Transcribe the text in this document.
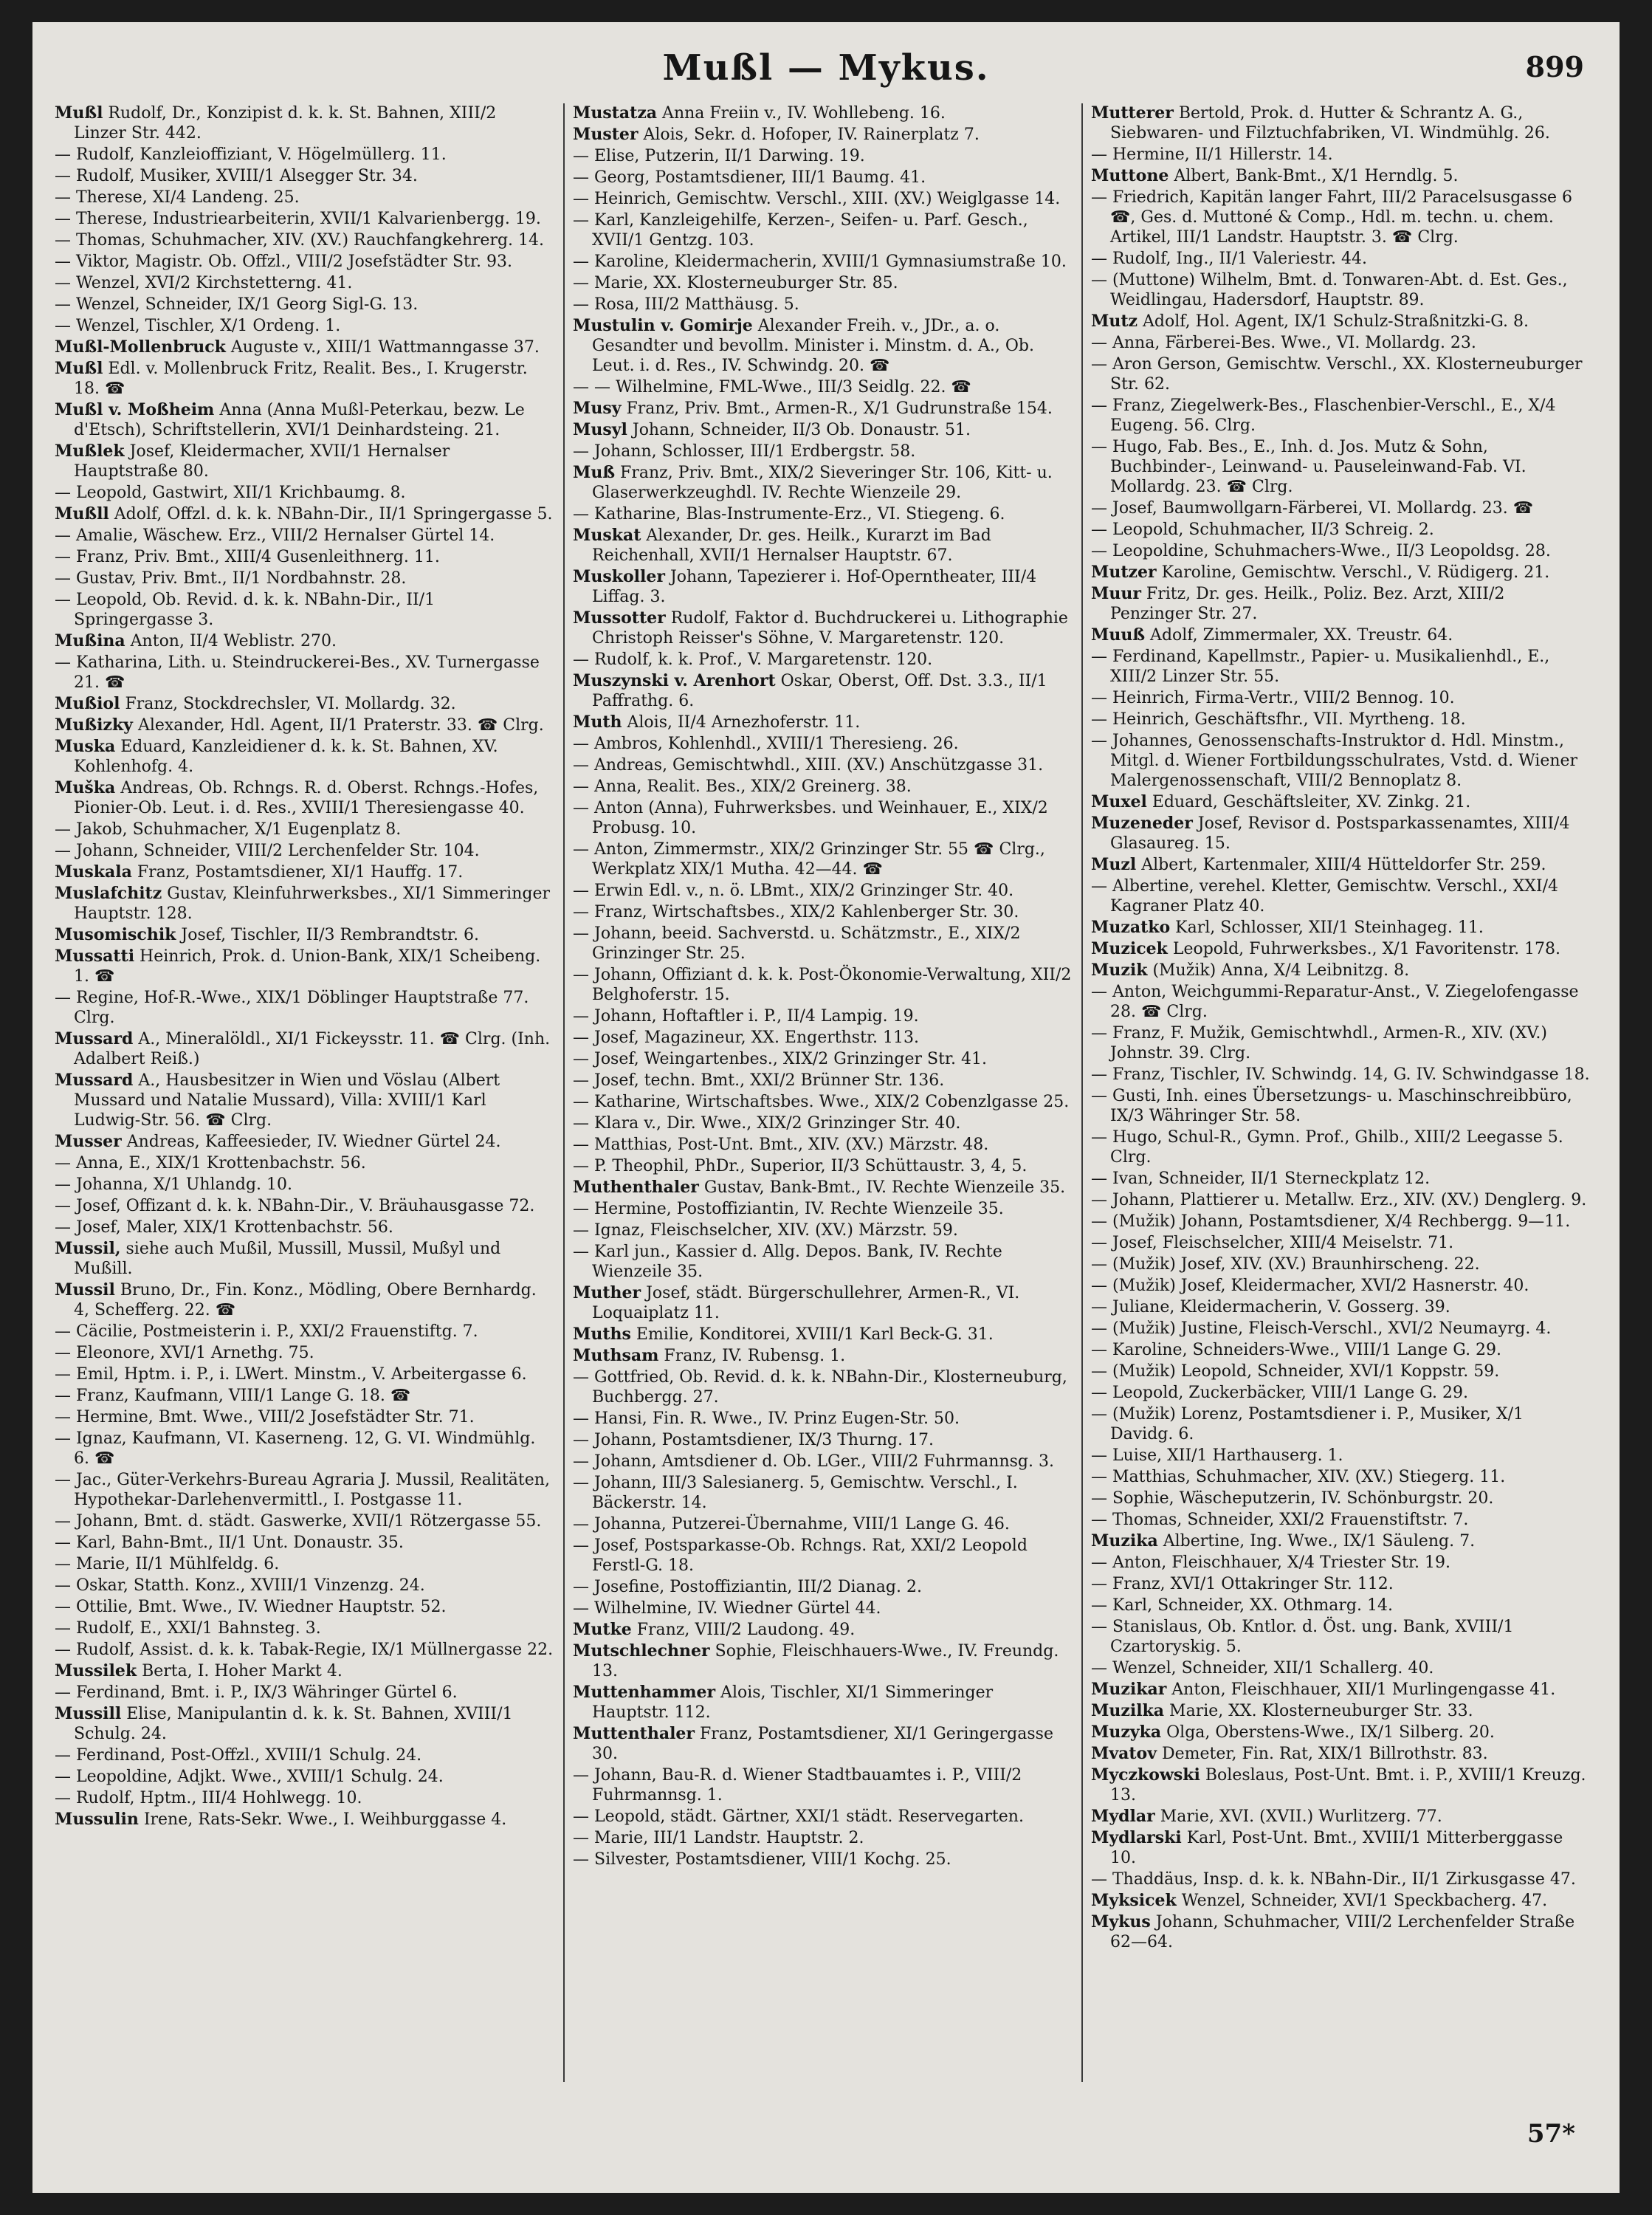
Mußl — Mykus.	899
Mußl Rudolf, Dr., Konzipist d. k. k. St. Bahnen, XIII/2 Linzer Str. 442.
— Rudolf, Kanzleioffiziant, V. Högelmüllerg. 11.
— Rudolf, Musiker, XVIII/1 Alsegger Str. 34.
— Therese, XI/4 Landeng. 25.
— Therese, Industriearbeiterin, XVII/1 Kalvarienbergg. 19.
— Thomas, Schuhmacher, XIV. (XV.) Rauchfangkehrerg. 14.
— Viktor, Magistr. Ob. Offzl., VIII/2 Josefstädter Str. 93.
— Wenzel, XVI/2 Kirchstetterng. 41.
— Wenzel, Schneider, IX/1 Georg Sigl-G. 13.
— Wenzel, Tischler, X/1 Ordeng. 1.
Mußl-Mollenbruck Auguste v., XIII/1 Wattmanngasse 37.
Mußl Edl. v. Mollenbruck Fritz, Realit. Bes., I. Krugerstr. 18. ☎
Mußl v. Moßheim Anna (Anna Mußl-Peterkau, bezw. Le d'Etsch), Schriftstellerin, XVI/1 Deinhardsteing. 21.
Mußlek Josef, Kleidermacher, XVII/1 Hernalser Hauptstraße 80.
— Leopold, Gastwirt, XII/1 Krichbaumg. 8.
Mußll Adolf, Offzl. d. k. k. NBahn-Dir., II/1 Springergasse 5.
— Amalie, Wäschew. Erz., VIII/2 Hernalser Gürtel 14.
— Franz, Priv. Bmt., XIII/4 Gusenleithnerg. 11.
— Gustav, Priv. Bmt., II/1 Nordbahnstr. 28.
— Leopold, Ob. Revid. d. k. k. NBahn-Dir., II/1 Springergasse 3.
Mußina Anton, II/4 Weblistr. 270.
— Katharina, Lith. u. Steindruckerei-Bes., XV. Turnergasse 21. ☎
Mußiol Franz, Stockdrechsler, VI. Mollardg. 32.
Mußizky Alexander, Hdl. Agent, II/1 Praterstr. 33. ☎ Clrg.
Muska Eduard, Kanzleidiener d. k. k. St. Bahnen, XV. Kohlenhofg. 4.
Muška Andreas, Ob. Rchngs. R. d. Oberst. Rchngs.-Hofes, Pionier-Ob. Leut. i. d. Res., XVIII/1 Theresiengasse 40.
— Jakob, Schuhmacher, X/1 Eugenplatz 8.
— Johann, Schneider, VIII/2 Lerchenfelder Str. 104.
Muskala Franz, Postamtsdiener, XI/1 Hauffg. 17.
Muslafchitz Gustav, Kleinfuhrwerksbes., XI/1 Simmeringer Hauptstr. 128.
Musomischik Josef, Tischler, II/3 Rembrandtstr. 6.
Mussatti Heinrich, Prok. d. Union-Bank, XIX/1 Scheibeng. 1. ☎
— Regine, Hof-R.-Wwe., XIX/1 Döblinger Hauptstraße 77. Clrg.
Mussard A., Mineralöldl., XI/1 Fickeysstr. 11. ☎ Clrg. (Inh. Adalbert Reiß.)
Mussard A., Hausbesitzer in Wien und Vöslau (Albert Mussard und Natalie Mussard), Villa: XVIII/1 Karl Ludwig-Str. 56. ☎ Clrg.
Musser Andreas, Kaffeesieder, IV. Wiedner Gürtel 24.
— Anna, E., XIX/1 Krottenbachstr. 56.
— Johanna, X/1 Uhlandg. 10.
— Josef, Offizant d. k. k. NBahn-Dir., V. Bräuhausgasse 72.
— Josef, Maler, XIX/1 Krottenbachstr. 56.
Mussil, siehe auch Mußil, Mussill, Mussil, Mußyl und Mußill.
Mussil Bruno, Dr., Fin. Konz., Mödling, Obere Bernhardg. 4, Schefferg. 22. ☎
— Cäcilie, Postmeisterin i. P., XXI/2 Frauenstiftg. 7.
— Eleonore, XVI/1 Arnethg. 75.
— Emil, Hptm. i. P., i. LWert. Minstm., V. Arbeitergasse 6.
— Franz, Kaufmann, VIII/1 Lange G. 18. ☎
— Hermine, Bmt. Wwe., VIII/2 Josefstädter Str. 71.
— Ignaz, Kaufmann, VI. Kaserneng. 12, G. VI. Windmühlg. 6. ☎
— Jac., Güter-Verkehrs-Bureau Agraria J. Mussil, Realitäten, Hypothekar-Darlehenvermittl., I. Postgasse 11.
— Johann, Bmt. d. städt. Gaswerke, XVII/1 Rötzergasse 55.
— Karl, Bahn-Bmt., II/1 Unt. Donaustr. 35.
— Marie, II/1 Mühlfeldg. 6.
— Oskar, Statth. Konz., XVIII/1 Vinzenzg. 24.
— Ottilie, Bmt. Wwe., IV. Wiedner Hauptstr. 52.
— Rudolf, E., XXI/1 Bahnsteg. 3.
— Rudolf, Assist. d. k. k. Tabak-Regie, IX/1 Müllnergasse 22.
Mussilek Berta, I. Hoher Markt 4.
— Ferdinand, Bmt. i. P., IX/3 Währinger Gürtel 6.
Mussill Elise, Manipulantin d. k. k. St. Bahnen, XVIII/1 Schulg. 24.
— Ferdinand, Post-Offzl., XVIII/1 Schulg. 24.
— Leopoldine, Adjkt. Wwe., XVIII/1 Schulg. 24.
— Rudolf, Hptm., III/4 Hohlwegg. 10.
Mussulin Irene, Rats-Sekr. Wwe., I. Weihburggasse 4.
Mustatza Anna Freiin v., IV. Wohllebeng. 16.
Muster Alois, Sekr. d. Hofoper, IV. Rainerplatz 7.
— Elise, Putzerin, II/1 Darwing. 19.
— Georg, Postamtsdiener, III/1 Baumg. 41.
— Heinrich, Gemischtw. Verschl., XIII. (XV.) Weiglgasse 14.
— Karl, Kanzleigehilfe, Kerzen-, Seifen- u. Parf. Gesch., XVII/1 Gentzg. 103.
— Karoline, Kleidermacherin, XVIII/1 Gymnasiumstraße 10.
— Marie, XX. Klosterneuburger Str. 85.
— Rosa, III/2 Matthäusg. 5.
Mustulin v. Gomirje Alexander Freih. v., JDr., a. o. Gesandter und bevollm. Minister i. Minstm. d. A., Ob. Leut. i. d. Res., IV. Schwindg. 20. ☎
— — Wilhelmine, FML-Wwe., III/3 Seidlg. 22. ☎
Musy Franz, Priv. Bmt., Armen-R., X/1 Gudrunstraße 154.
Musyl Johann, Schneider, II/3 Ob. Donaustr. 51.
— Johann, Schlosser, III/1 Erdbergstr. 58.
Muß Franz, Priv. Bmt., XIX/2 Sieveringer Str. 106, Kitt- u. Glaserwerkzeughdl. IV. Rechte Wienzeile 29.
— Katharine, Blas-Instrumente-Erz., VI. Stiegeng. 6.
Muskat Alexander, Dr. ges. Heilk., Kurarzt im Bad Reichenhall, XVII/1 Hernalser Hauptstr. 67.
Muskoller Johann, Tapezierer i. Hof-Operntheater, III/4 Liffag. 3.
Mussotter Rudolf, Faktor d. Buchdruckerei u. Lithographie Christoph Reisser's Söhne, V. Margaretenstr. 120.
— Rudolf, k. k. Prof., V. Margaretenstr. 120.
Muszynski v. Arenhort Oskar, Oberst, Off. Dst. 3.3., II/1 Paffrathg. 6.
Muth Alois, II/4 Arnezhoferstr. 11.
— Ambros, Kohlenhdl., XVIII/1 Theresieng. 26.
— Andreas, Gemischtwhdl., XIII. (XV.) Anschützgasse 31.
— Anna, Realit. Bes., XIX/2 Greinerg. 38.
— Anton (Anna), Fuhrwerksbes. und Weinhauer, E., XIX/2 Probusg. 10.
— Anton, Zimmermstr., XIX/2 Grinzinger Str. 55 ☎ Clrg., Werkplatz XIX/1 Mutha. 42—44. ☎
— Erwin Edl. v., n. ö. LBmt., XIX/2 Grinzinger Str. 40.
— Franz, Wirtschaftsbes., XIX/2 Kahlenberger Str. 30.
— Johann, beeid. Sachverstd. u. Schätzmstr., E., XIX/2 Grinzinger Str. 25.
— Johann, Offiziant d. k. k. Post-Ökonomie-Verwaltung, XII/2 Belghoferstr. 15.
— Johann, Hoftaftler i. P., II/4 Lampig. 19.
— Josef, Magazineur, XX. Engerthstr. 113.
— Josef, Weingartenbes., XIX/2 Grinzinger Str. 41.
— Josef, techn. Bmt., XXI/2 Brünner Str. 136.
— Katharine, Wirtschaftsbes. Wwe., XIX/2 Cobenzlgasse 25.
— Klara v., Dir. Wwe., XIX/2 Grinzinger Str. 40.
— Matthias, Post-Unt. Bmt., XIV. (XV.) Märzstr. 48.
— P. Theophil, PhDr., Superior, II/3 Schüttaustr. 3, 4, 5.
Muthenthaler Gustav, Bank-Bmt., IV. Rechte Wienzeile 35.
— Hermine, Postoffiziantin, IV. Rechte Wienzeile 35.
— Ignaz, Fleischselcher, XIV. (XV.) Märzstr. 59.
— Karl jun., Kassier d. Allg. Depos. Bank, IV. Rechte Wienzeile 35.
Muther Josef, städt. Bürgerschullehrer, Armen-R., VI. Loquaiplatz 11.
Muths Emilie, Konditorei, XVIII/1 Karl Beck-G. 31.
Muthsam Franz, IV. Rubensg. 1.
— Gottfried, Ob. Revid. d. k. k. NBahn-Dir., Klosterneuburg, Buchbergg. 27.
— Hansi, Fin. R. Wwe., IV. Prinz Eugen-Str. 50.
— Johann, Postamtsdiener, IX/3 Thurng. 17.
— Johann, Amtsdiener d. Ob. LGer., VIII/2 Fuhrmannsg. 3.
— Johann, III/3 Salesianerg. 5, Gemischtw. Verschl., I. Bäckerstr. 14.
— Johanna, Putzerei-Übernahme, VIII/1 Lange G. 46.
— Josef, Postsparkasse-Ob. Rchngs. Rat, XXI/2 Leopold Ferstl-G. 18.
— Josefine, Postoffiziantin, III/2 Dianag. 2.
— Wilhelmine, IV. Wiedner Gürtel 44.
Mutke Franz, VIII/2 Laudong. 49.
Mutschlechner Sophie, Fleischhauers-Wwe., IV. Freundg. 13.
Muttenhammer Alois, Tischler, XI/1 Simmeringer Hauptstr. 112.
Muttenthaler Franz, Postamtsdiener, XI/1 Geringergasse 30.
— Johann, Bau-R. d. Wiener Stadtbauamtes i. P., VIII/2 Fuhrmannsg. 1.
— Leopold, städt. Gärtner, XXI/1 städt. Reservegarten.
— Marie, III/1 Landstr. Hauptstr. 2.
— Silvester, Postamtsdiener, VIII/1 Kochg. 25.
Mutterer Bertold, Prok. d. Hutter & Schrantz A. G., Siebwaren- und Filztuchfabriken, VI. Windmühlg. 26.
— Hermine, II/1 Hillerstr. 14.
Muttone Albert, Bank-Bmt., X/1 Herndlg. 5.
— Friedrich, Kapitän langer Fahrt, III/2 Paracelsusgasse 6 ☎, Ges. d. Muttoné & Comp., Hdl. m. techn. u. chem. Artikel, III/1 Landstr. Hauptstr. 3. ☎ Clrg.
— Rudolf, Ing., II/1 Valeriestr. 44.
— (Muttone) Wilhelm, Bmt. d. Tonwaren-Abt. d. Est. Ges., Weidlingau, Hadersdorf, Hauptstr. 89.
Mutz Adolf, Hol. Agent, IX/1 Schulz-Straßnitzki-G. 8.
— Anna, Färberei-Bes. Wwe., VI. Mollardg. 23.
— Aron Gerson, Gemischtw. Verschl., XX. Klosterneuburger Str. 62.
— Franz, Ziegelwerk-Bes., Flaschenbier-Verschl., E., X/4 Eugeng. 56. Clrg.
— Hugo, Fab. Bes., E., Inh. d. Jos. Mutz & Sohn, Buchbinder-, Leinwand- u. Pauseleinwand-Fab. VI. Mollardg. 23. ☎ Clrg.
— Josef, Baumwollgarn-Färberei, VI. Mollardg. 23. ☎
— Leopold, Schuhmacher, II/3 Schreig. 2.
— Leopoldine, Schuhmachers-Wwe., II/3 Leopoldsg. 28.
Mutzer Karoline, Gemischtw. Verschl., V. Rüdigerg. 21.
Muur Fritz, Dr. ges. Heilk., Poliz. Bez. Arzt, XIII/2 Penzinger Str. 27.
Muuß Adolf, Zimmermaler, XX. Treustr. 64.
— Ferdinand, Kapellmstr., Papier- u. Musikalienhdl., E., XIII/2 Linzer Str. 55.
— Heinrich, Firma-Vertr., VIII/2 Bennog. 10.
— Heinrich, Geschäftsfhr., VII. Myrtheng. 18.
— Johannes, Genossenschafts-Instruktor d. Hdl. Minstm., Mitgl. d. Wiener Fortbildungsschulrates, Vstd. d. Wiener Malergenossenschaft, VIII/2 Bennoplatz 8.
Muxel Eduard, Geschäftsleiter, XV. Zinkg. 21.
Muzeneder Josef, Revisor d. Postsparkassenamtes, XIII/4 Glasaureg. 15.
Muzl Albert, Kartenmaler, XIII/4 Hütteldorfer Str. 259.
— Albertine, verehel. Kletter, Gemischtw. Verschl., XXI/4 Kagraner Platz 40.
Muzatko Karl, Schlosser, XII/1 Steinhageg. 11.
Muzicek Leopold, Fuhrwerksbes., X/1 Favoritenstr. 178.
Muzik (Mužik) Anna, X/4 Leibnitzg. 8.
— Anton, Weichgummi-Reparatur-Anst., V. Ziegelofengasse 28. ☎ Clrg.
— Franz, F. Mužik, Gemischtwhdl., Armen-R., XIV. (XV.) Johnstr. 39. Clrg.
— Franz, Tischler, IV. Schwindg. 14, G. IV. Schwindgasse 18.
— Gusti, Inh. eines Übersetzungs- u. Maschinschreibbüro, IX/3 Währinger Str. 58.
— Hugo, Schul-R., Gymn. Prof., Ghilb., XIII/2 Leegasse 5. Clrg.
— Ivan, Schneider, II/1 Sterneckplatz 12.
— Johann, Plattierer u. Metallw. Erz., XIV. (XV.) Denglerg. 9.
— (Mužik) Johann, Postamtsdiener, X/4 Rechbergg. 9—11.
— Josef, Fleischselcher, XIII/4 Meiselstr. 71.
— (Mužik) Josef, XIV. (XV.) Braunhirscheng. 22.
— (Mužik) Josef, Kleidermacher, XVI/2 Hasnerstr. 40.
— Juliane, Kleidermacherin, V. Gosserg. 39.
— (Mužik) Justine, Fleisch-Verschl., XVI/2 Neumayrg. 4.
— Karoline, Schneiders-Wwe., VIII/1 Lange G. 29.
— (Mužik) Leopold, Schneider, XVI/1 Koppstr. 59.
— Leopold, Zuckerbäcker, VIII/1 Lange G. 29.
— (Mužik) Lorenz, Postamtsdiener i. P., Musiker, X/1 Davidg. 6.
— Luise, XII/1 Harthauserg. 1.
— Matthias, Schuhmacher, XIV. (XV.) Stiegerg. 11.
— Sophie, Wäscheputzerin, IV. Schönburgstr. 20.
— Thomas, Schneider, XXI/2 Frauenstiftstr. 7.
Muzika Albertine, Ing. Wwe., IX/1 Säuleng. 7.
— Anton, Fleischhauer, X/4 Triester Str. 19.
— Franz, XVI/1 Ottakringer Str. 112.
— Karl, Schneider, XX. Othmarg. 14.
— Stanislaus, Ob. Kntlor. d. Öst. ung. Bank, XVIII/1 Czartoryskig. 5.
— Wenzel, Schneider, XII/1 Schallerg. 40.
Muzikar Anton, Fleischhauer, XII/1 Murlingengasse 41.
Muzilka Marie, XX. Klosterneuburger Str. 33.
Muzyka Olga, Oberstens-Wwe., IX/1 Silberg. 20.
Mvatov Demeter, Fin. Rat, XIX/1 Billrothstr. 83.
Myczkowski Boleslaus, Post-Unt. Bmt. i. P., XVIII/1 Kreuzg. 13.
Mydlar Marie, XVI. (XVII.) Wurlitzerg. 77.
Mydlarski Karl, Post-Unt. Bmt., XVIII/1 Mitterberggasse 10.
— Thaddäus, Insp. d. k. k. NBahn-Dir., II/1 Zirkusgasse 47.
Myksicek Wenzel, Schneider, XVI/1 Speckbacherg. 47.
Mykus Johann, Schuhmacher, VIII/2 Lerchenfelder Straße 62—64.
57*
